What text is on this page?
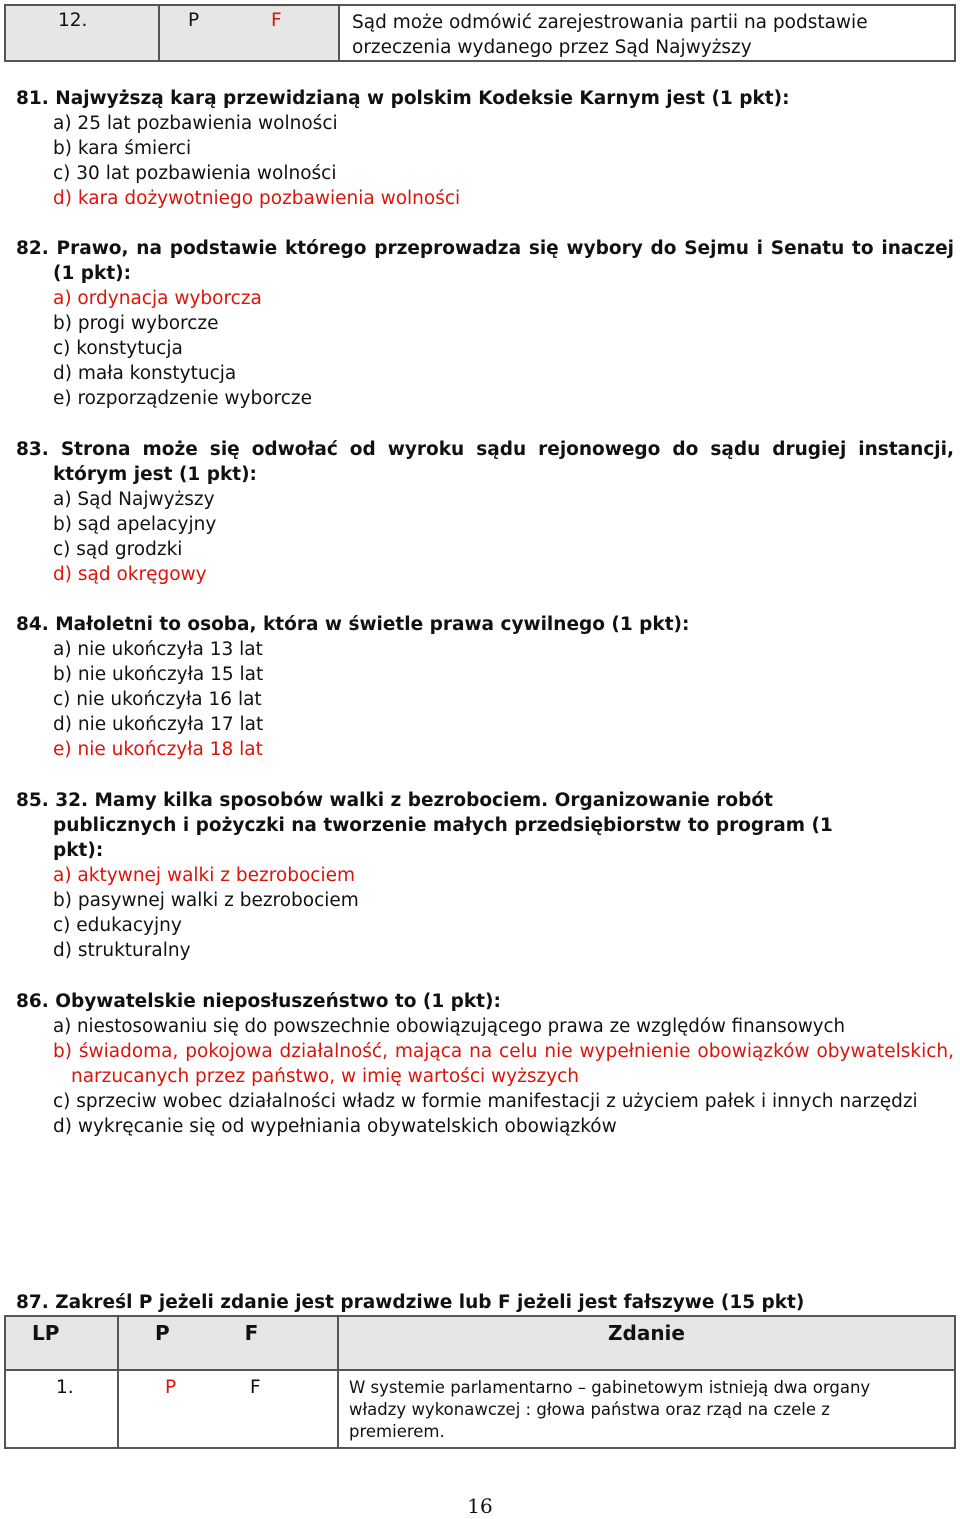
12.	P	F	Sąd może odmówić zarejestrowania partii na podstawie orzeczenia wydanego przez Sąd Najwyższy
81. Najwyższą karą przewidzianą w polskim Kodeksie Karnym jest (1 pkt):
a) 25 lat pozbawienia wolności
b) kara śmierci
c) 30 lat pozbawienia wolności
d) kara dożywotniego pozbawienia wolności
82. Prawo, na podstawie którego przeprowadza się wybory do Sejmu i Senatu to inaczej (1 pkt):
a) ordynacja wyborcza
b) progi wyborcze
c) konstytucja
d) mała konstytucja
e) rozporządzenie wyborcze
83. Strona może się odwołać od wyroku sądu rejonowego do sądu drugiej instancji, którym jest (1 pkt):
a) Sąd Najwyższy
b) sąd apelacyjny
c) sąd grodzki
d) sąd okręgowy
84. Małoletni to osoba, która w świetle prawa cywilnego (1 pkt):
a) nie ukończyła 13 lat
b) nie ukończyła 15 lat
c) nie ukończyła 16 lat
d) nie ukończyła 17 lat
e) nie ukończyła 18 lat
85. 32. Mamy kilka sposobów walki z bezrobociem. Organizowanie robót publicznych i pożyczki na tworzenie małych przedsiębiorstw to program (1 pkt):
a) aktywnej walki z bezrobociem
b) pasywnej walki z bezrobociem
c) edukacyjny
d) strukturalny
86. Obywatelskie nieposłuszeństwo to (1 pkt):
a) niestosowaniu się do powszechnie obowiązującego prawa ze względów finansowych
b) świadoma, pokojowa działalność, mająca na celu nie wypełnienie obowiązków obywatelskich, narzucanych przez państwo, w imię wartości wyższych
c) sprzeciw wobec działalności władz w formie manifestacji z użyciem pałek i innych narzędzi
d) wykręcanie się od wypełniania obywatelskich obowiązków
87. Zakreśl P jeżeli zdanie jest prawdziwe lub F jeżeli jest fałszywe (15 pkt)
LP	P F	Zdanie
1.	P F	W systemie parlamentarno – gabinetowym istnieją dwa organy władzy wykonawczej : głowa państwa oraz rząd na czele z premierem.
16
